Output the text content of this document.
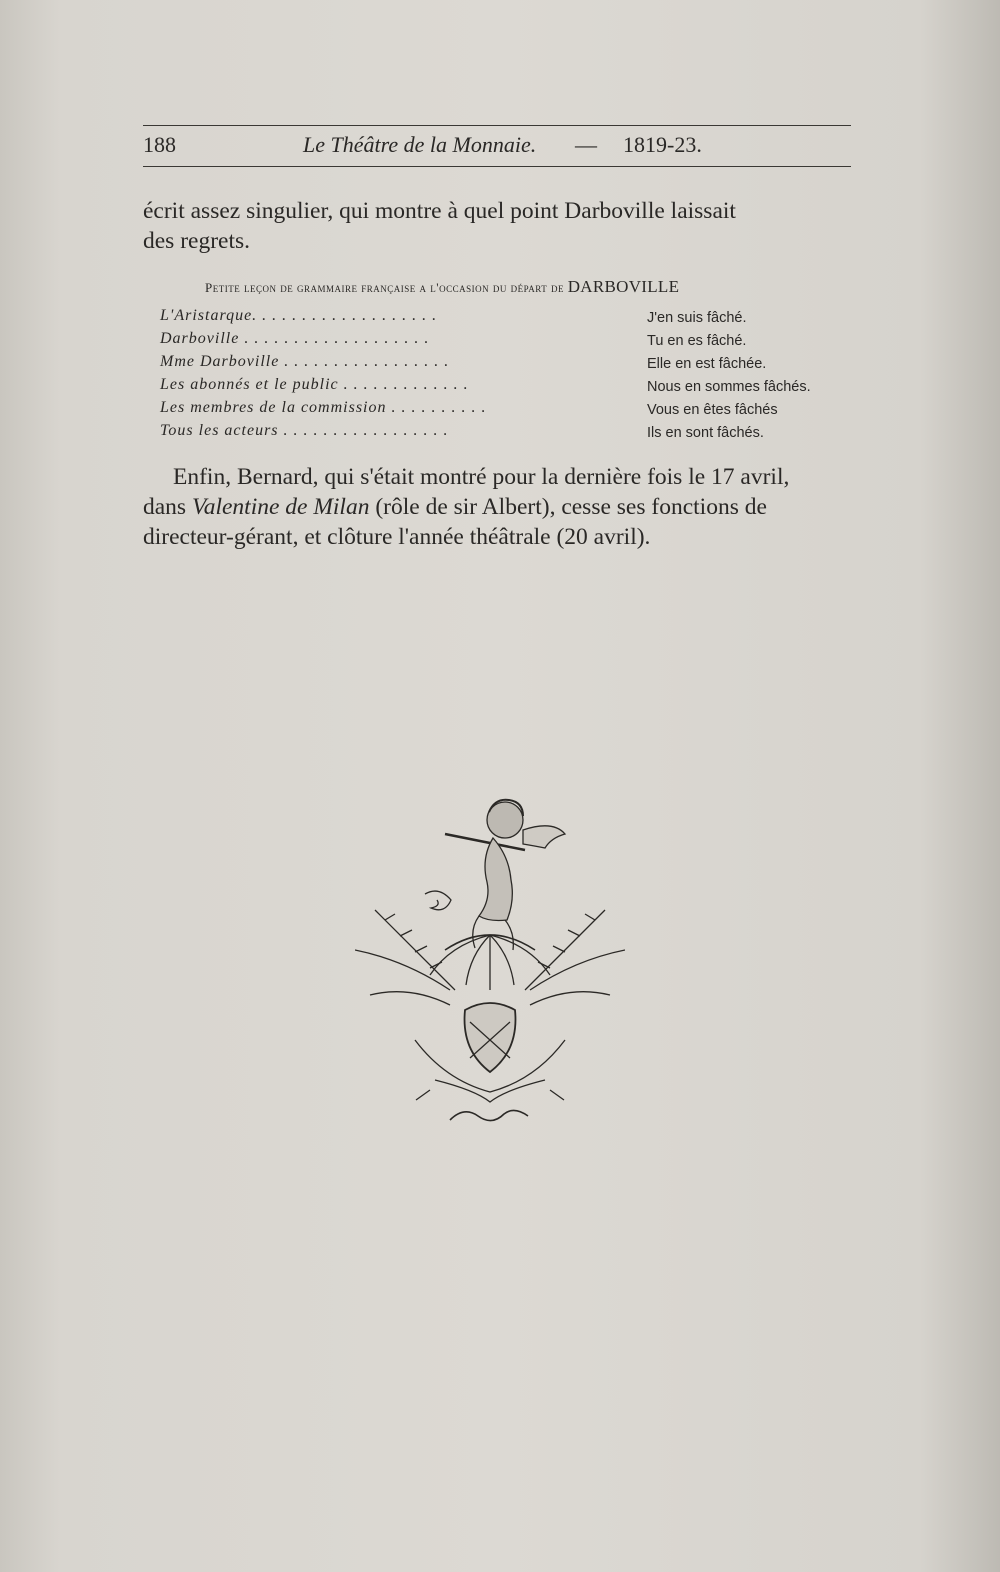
188	Le Théâtre de la Monnaie. — 1819-23.
écrit assez singulier, qui montre à quel point Darboville laissait
des regrets.
Petite leçon de grammaire française a l'occasion du départ de DARBOVILLE
L'Aristarque. . . . . . . . . . . . . . . . . . .	J'en suis fâché.
Darboville . . . . . . . . . . . . . . . . . . .	Tu en es fâché.
Mme Darboville . . . . . . . . . . . . . . . . .	Elle en est fâchée.
Les abonnés et le public . . . . . . . . . . . . .	Nous en sommes fâchés.
Les membres de la commission . . . . . . . . . .	Vous en êtes fâchés
Tous les acteurs . . . . . . . . . . . . . . . . .	Ils en sont fâchés.
Enfin, Bernard, qui s'était montré pour la dernière fois le 17 avril,
dans Valentine de Milan (rôle de sir Albert), cesse ses fonctions de
directeur-gérant, et clôture l'année théâtrale (20 avril).
